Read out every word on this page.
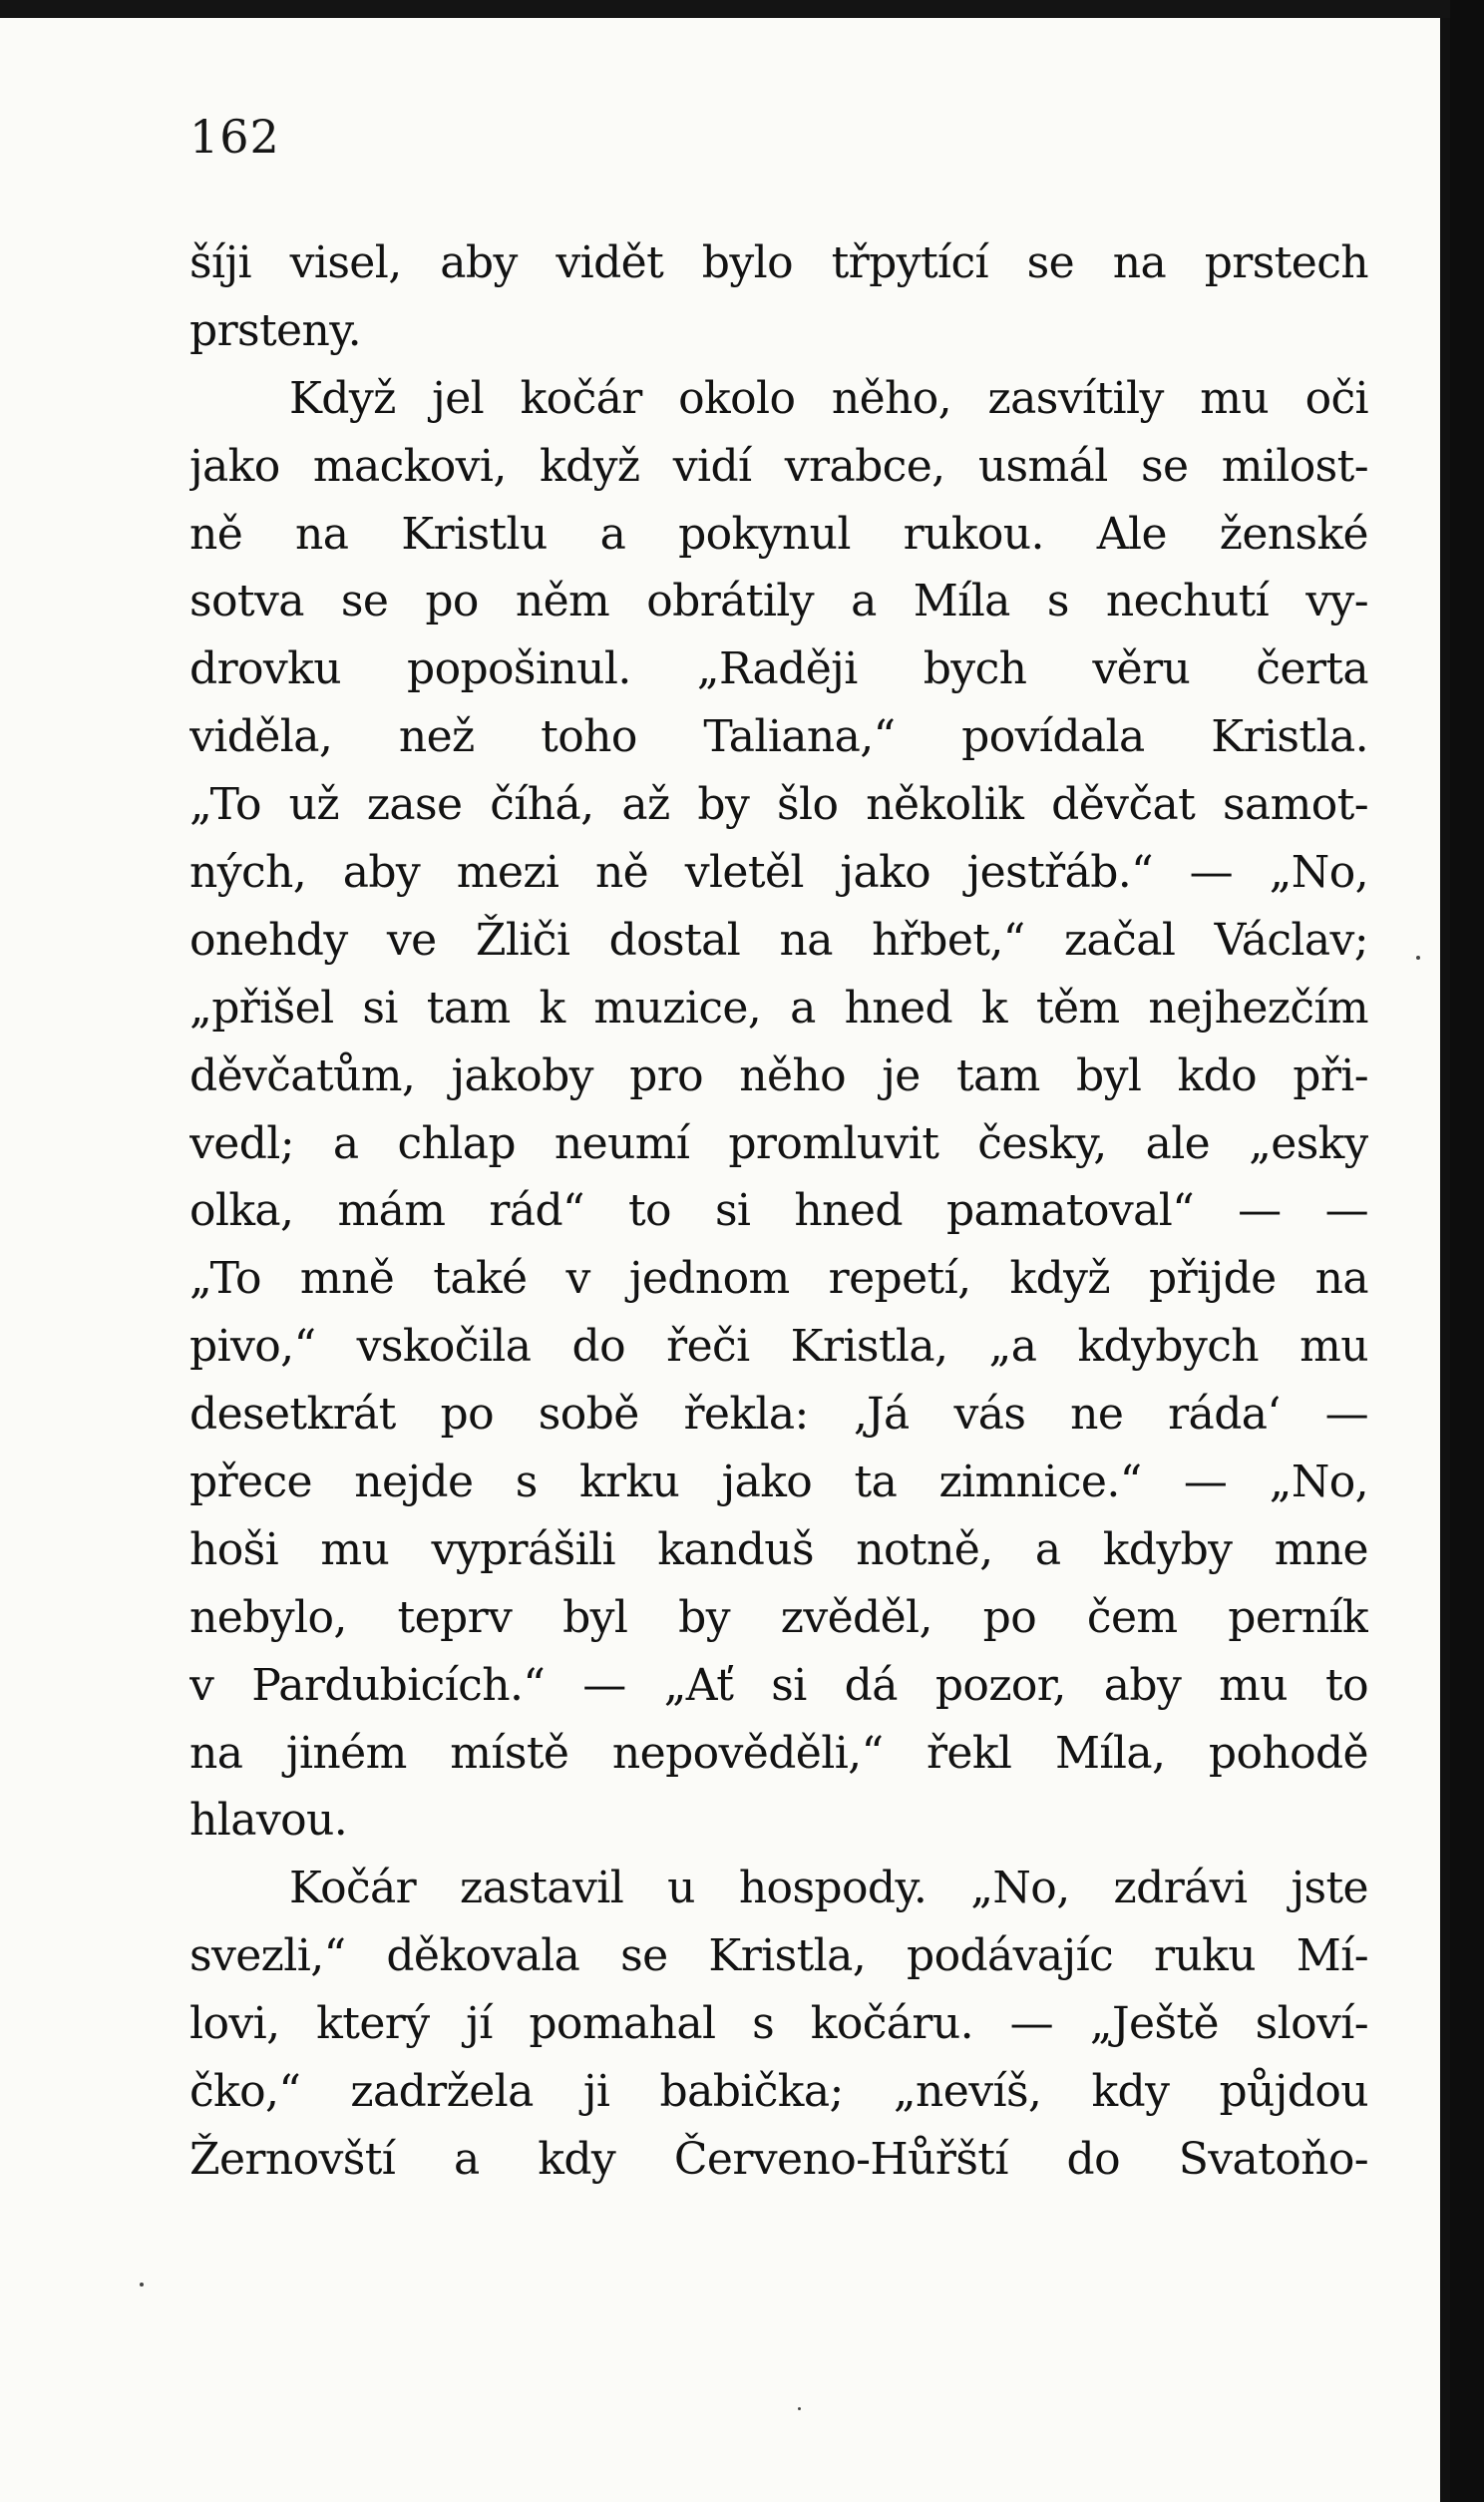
162
šíji visel, aby vidět bylo třpytící se na prstech
prsteny.
Když jel kočár okolo něho, zasvítily mu oči
jako mackovi, když vidí vrabce, usmál se milost-
ně na Kristlu a pokynul rukou. Ale ženské
sotva se po něm obrátily a Míla s nechutí vy-
drovku popošinul. „Raději bych věru čerta
viděla, než toho Taliana,“ povídala Kristla.
„To už zase číhá, až by šlo několik děvčat samot-
ných, aby mezi ně vletěl jako jestřáb.“ — „No,
onehdy ve Žliči dostal na hřbet,“ začal Václav;
„přišel si tam k muzice, a hned k těm nejhezčím
děvčatům, jakoby pro něho je tam byl kdo při-
vedl; a chlap neumí promluvit česky, ale „esky
olka, mám rád“ to si hned pamatoval“ — —
„To mně také v jednom repetí, když přijde na
pivo,“ vskočila do řeči Kristla, „a kdybych mu
desetkrát po sobě řekla: ‚Já vás ne ráda‘ —
přece nejde s krku jako ta zimnice.“ — „No,
hoši mu vyprášili kanduš notně, a kdyby mne
nebylo, teprv byl by zvěděl, po čem perník
v Pardubicích.“ — „Ať si dá pozor, aby mu to
na jiném místě nepověděli,“ řekl Míla, pohodě
hlavou.
Kočár zastavil u hospody. „No, zdrávi jste
svezli,“ děkovala se Kristla, podávajíc ruku Mí-
lovi, který jí pomahal s kočáru. — „Ještě sloví-
čko,“ zadržela ji babička; „nevíš, kdy půjdou
Žernovští a kdy Červeno-Hůřští do Svatoňo-
